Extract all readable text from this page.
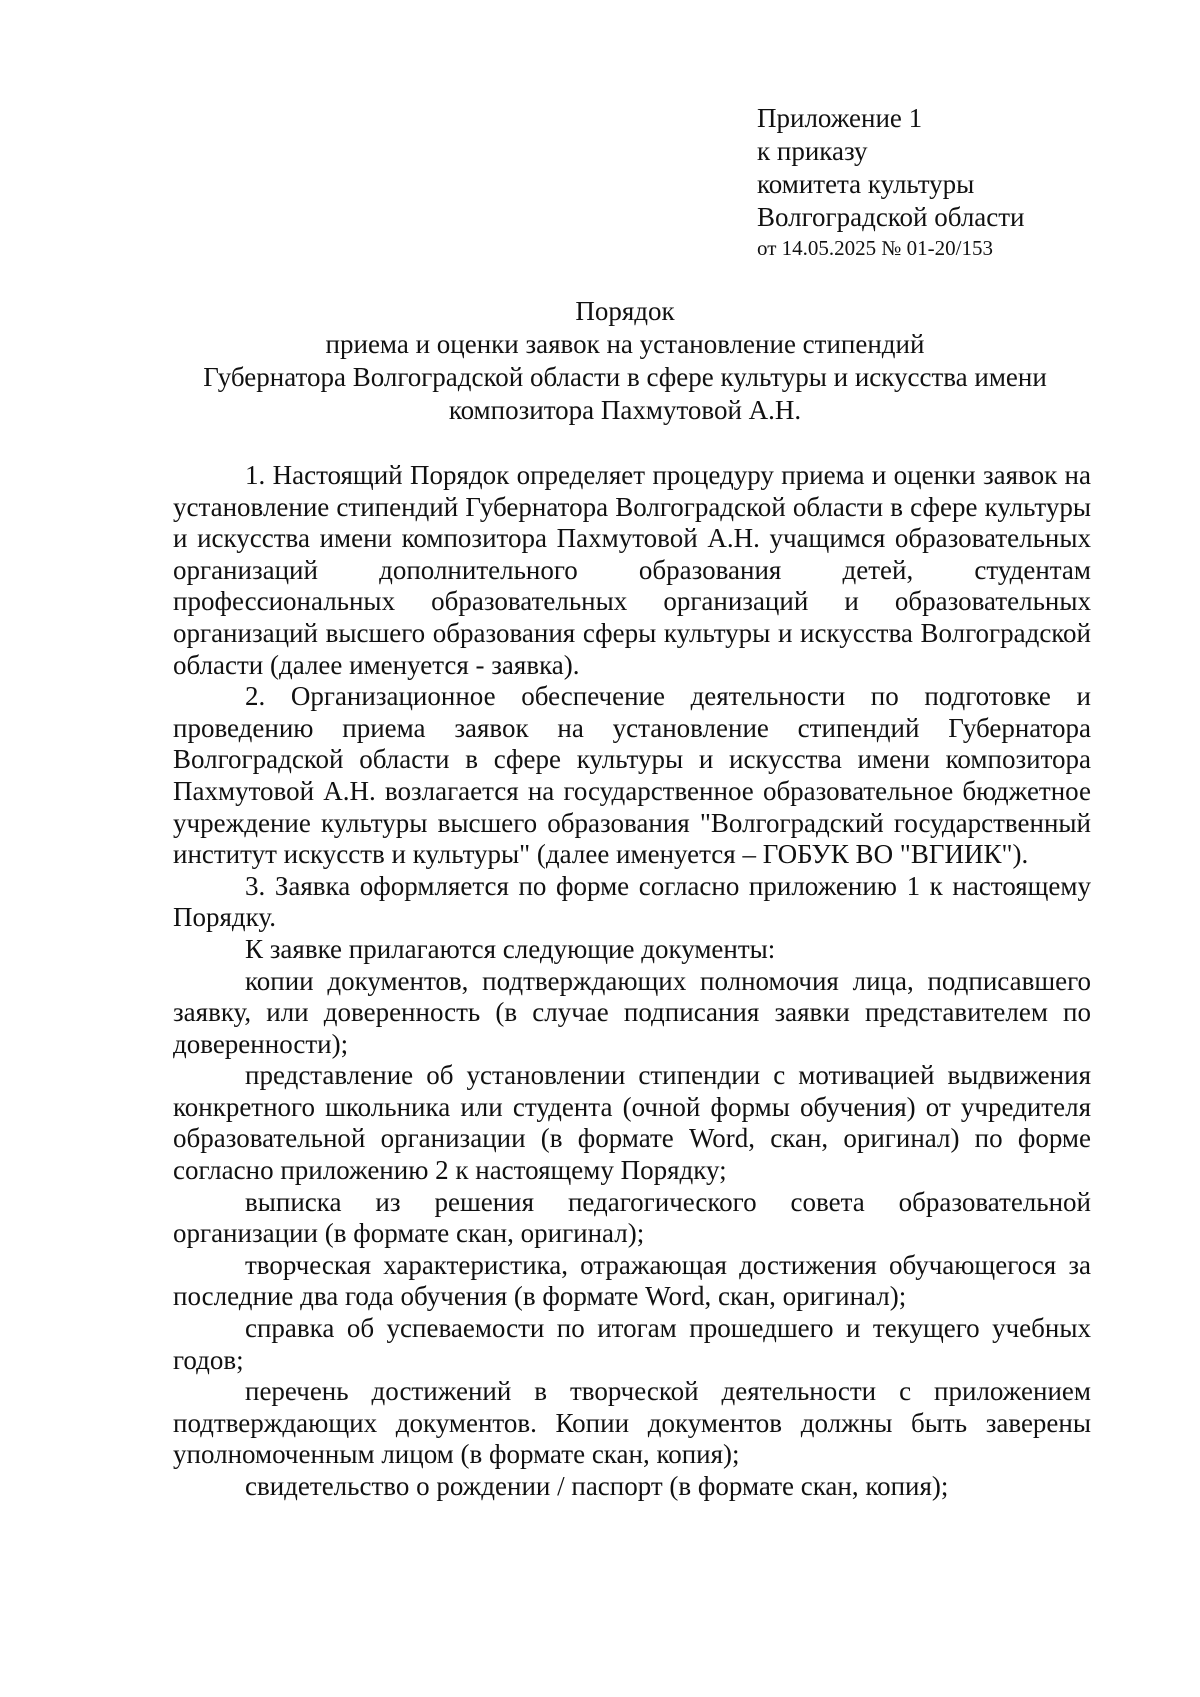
Приложение 1
к приказу
комитета культуры
Волгоградской области
от 14.05.2025 № 01-20/153
Порядок
приема и оценки заявок на установление стипендий
Губернатора Волгоградской области в сфере культуры и искусства имени
композитора Пахмутовой А.Н.

1. Настоящий Порядок определяет процедуру приема и оценки заявок на установление стипендий Губернатора Волгоградской области в сфере культуры и искусства имени композитора Пахмутовой А.Н. учащимся образовательных организаций дополнительного образования детей, студентам профессиональных образовательных организаций и образовательных организаций высшего образования сферы культуры и искусства Волгоградской области (далее именуется - заявка).

2. Организационное обеспечение деятельности по подготовке и проведению приема заявок на установление стипендий Губернатора Волгоградской области в сфере культуры и искусства имени композитора Пахмутовой А.Н. возлагается на государственное образовательное бюджетное учреждение культуры высшего образования "Волгоградский государственный институт искусств и культуры" (далее именуется – ГОБУК ВО "ВГИИК").

3. Заявка оформляется по форме согласно приложению 1 к настоящему Порядку.

К заявке прилагаются следующие документы:

копии документов, подтверждающих полномочия лица, подписавшего заявку, или доверенность (в случае подписания заявки представителем по доверенности);

представление об установлении стипендии с мотивацией выдвижения конкретного школьника или студента (очной формы обучения) от учредителя образовательной организации (в формате Word, скан, оригинал) по форме согласно приложению 2 к настоящему Порядку;

выписка из решения педагогического совета образовательной организации (в формате скан, оригинал);

творческая характеристика, отражающая достижения обучающегося за последние два года обучения (в формате Word, скан, оригинал);

справка об успеваемости по итогам прошедшего и текущего учебных годов;

перечень достижений в творческой деятельности с приложением подтверждающих документов. Копии документов должны быть заверены уполномоченным лицом (в формате скан, копия);

свидетельство о рождении / паспорт (в формате скан, копия);
